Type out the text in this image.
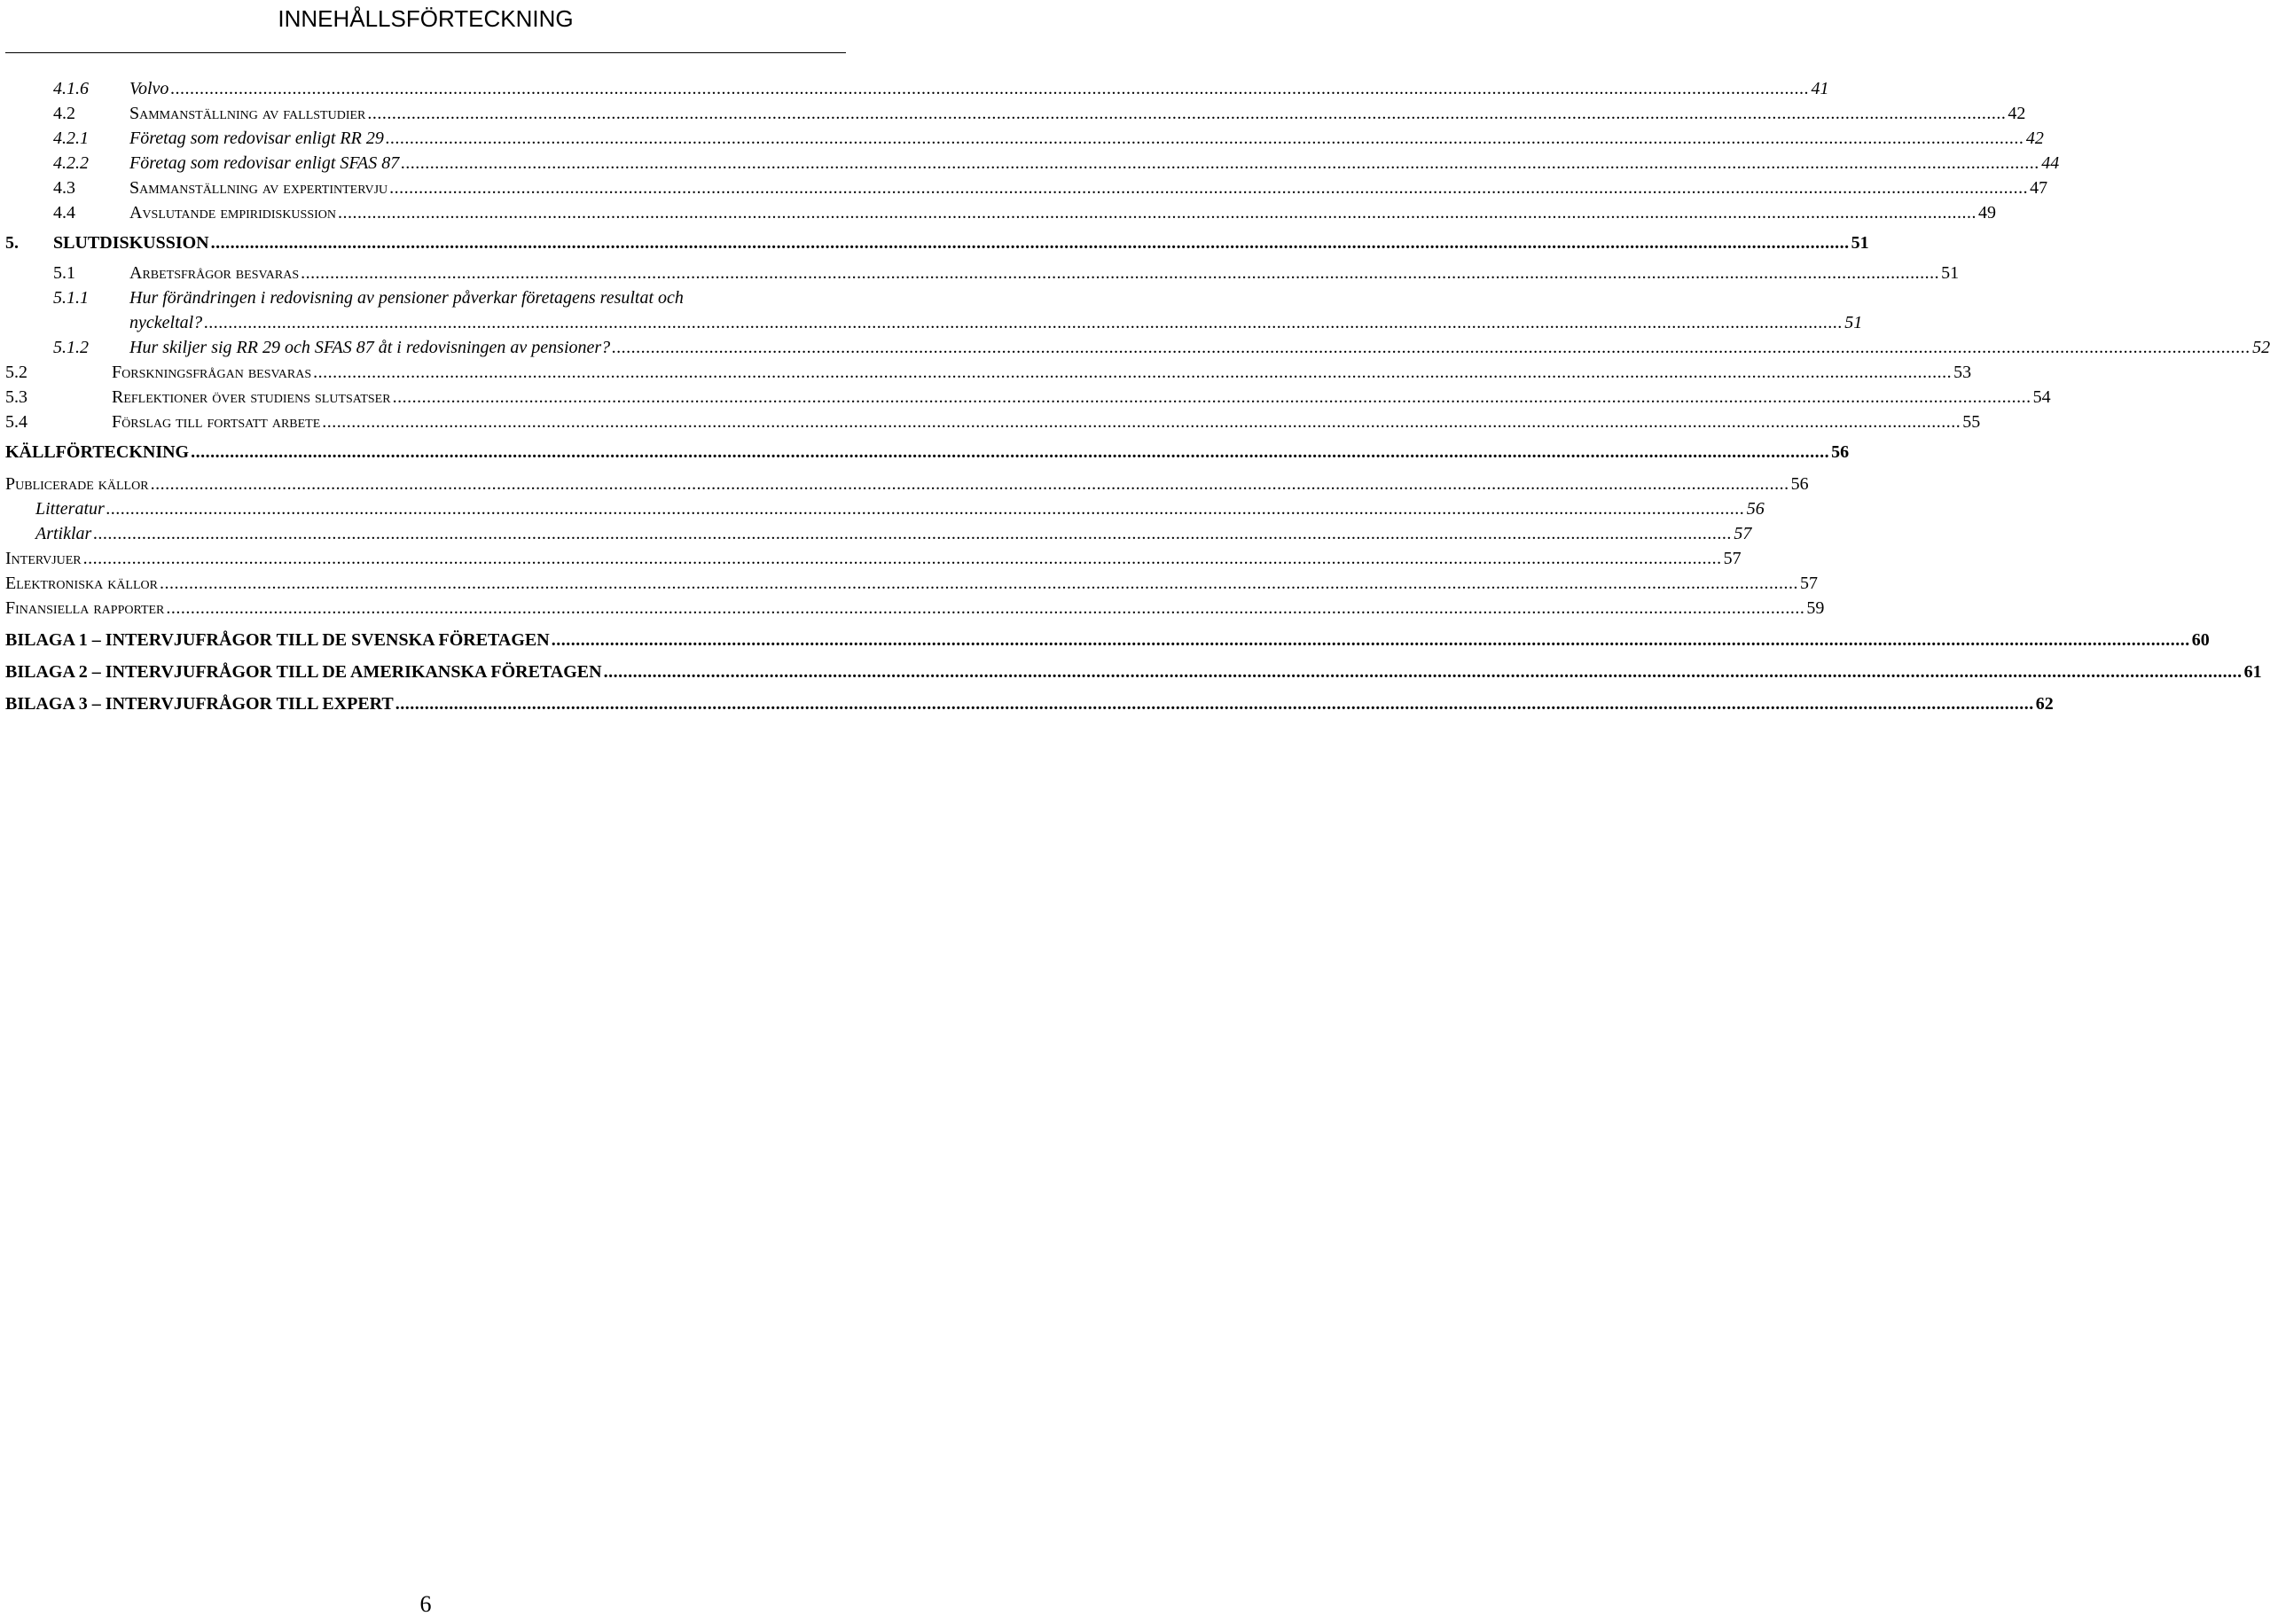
INNEHÅLLSFÖRTECKNING
4.1.6	Volvo .....	41
4.2	Sammanställning av fallstudier .....	42
4.2.1	Företag som redovisar enligt RR 29 .....	42
4.2.2	Företag som redovisar enligt SFAS 87 .....	44
4.3	Sammanställning av expertintervju .....	47
4.4	Avslutande empiridiskussion .....	49
5.	SLUTDISKUSSION .....	51
5.1	Arbetsfrågor besvaras .....	51
5.1.1	Hur förändringen i redovisning av pensioner påverkar företagens resultat och
nyckeltal? .....	51
5.1.2	Hur skiljer sig RR 29 och SFAS 87 åt i redovisningen av pensioner? .....	52
5.2	Forskningsfrågan besvaras .....	53
5.3	Reflektioner över studiens slutsatser .....	54
5.4	Förslag till fortsatt arbete .....	55
KÄLLFÖRTECKNING .....	56
Publicerade källor .....	56
Litteratur .....	56
Artiklar .....	57
Intervjuer .....	57
Elektroniska källor .....	57
Finansiella rapporter .....	59
BILAGA 1 – INTERVJUFRÅGOR TILL DE SVENSKA FÖRETAGEN .....	60
BILAGA 2 – INTERVJUFRÅGOR TILL DE AMERIKANSKA FÖRETAGEN .....	61
BILAGA 3 – INTERVJUFRÅGOR TILL EXPERT .....	62
6
